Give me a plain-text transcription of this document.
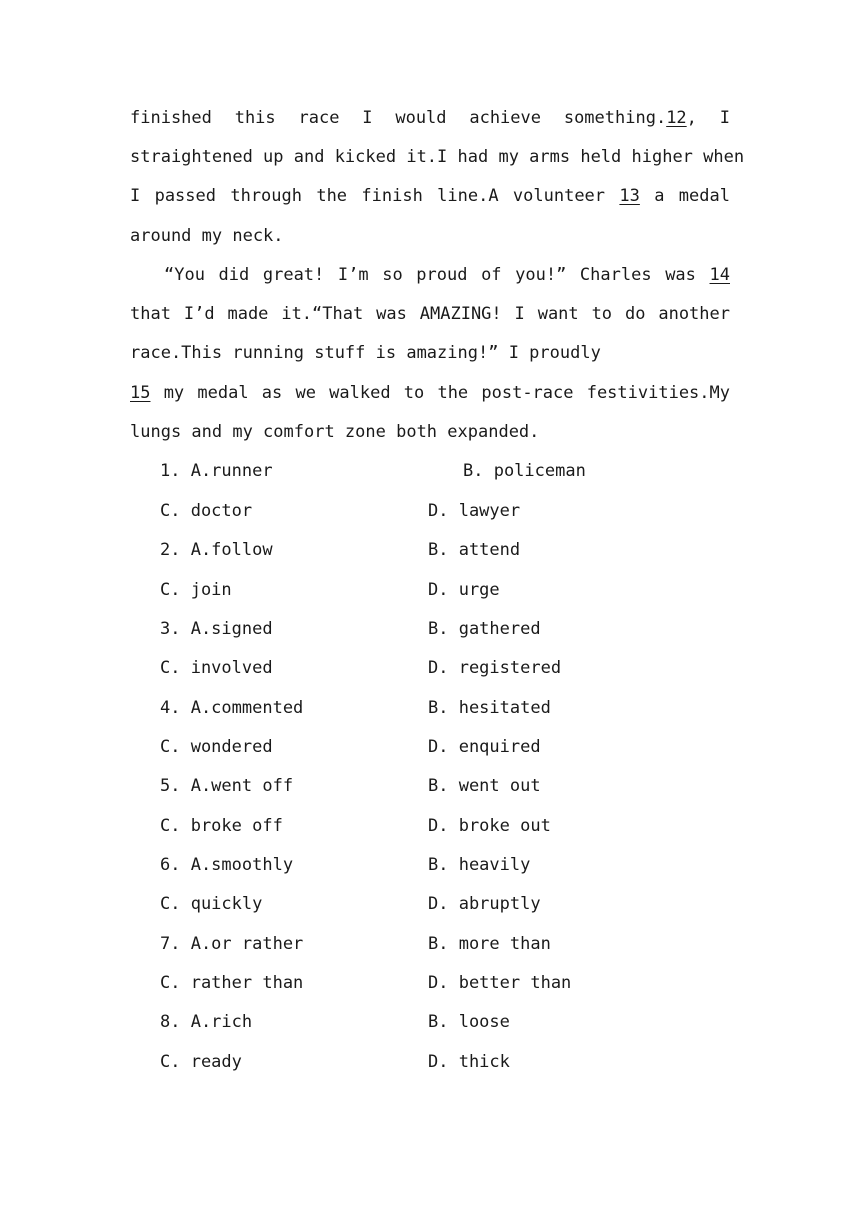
finished this race I would achieve something.12, I
straightened up and kicked it.I had my arms held higher when
I passed through the finish line.A volunteer 13 a medal
around my neck.
“You did great! I’m so proud of you!” Charles was 14
that I’d made it.“That was AMAZING! I want to do another
race.This running stuff is amazing!” I proudly
15 my medal as we walked to the post-race festivities.My
lungs and my comfort zone both expanded.
1. A.runner	B. policeman
C. doctor	D. lawyer
2. A.follow	B. attend
C. join	D. urge
3. A.signed	B. gathered
C. involved	D. registered
4. A.commented	B. hesitated
C. wondered	D. enquired
5. A.went off	B. went out
C. broke off	D. broke out
6. A.smoothly	B. heavily
C. quickly	D. abruptly
7. A.or rather	B. more than
C. rather than	D. better than
8. A.rich	B. loose
C. ready	D. thick
